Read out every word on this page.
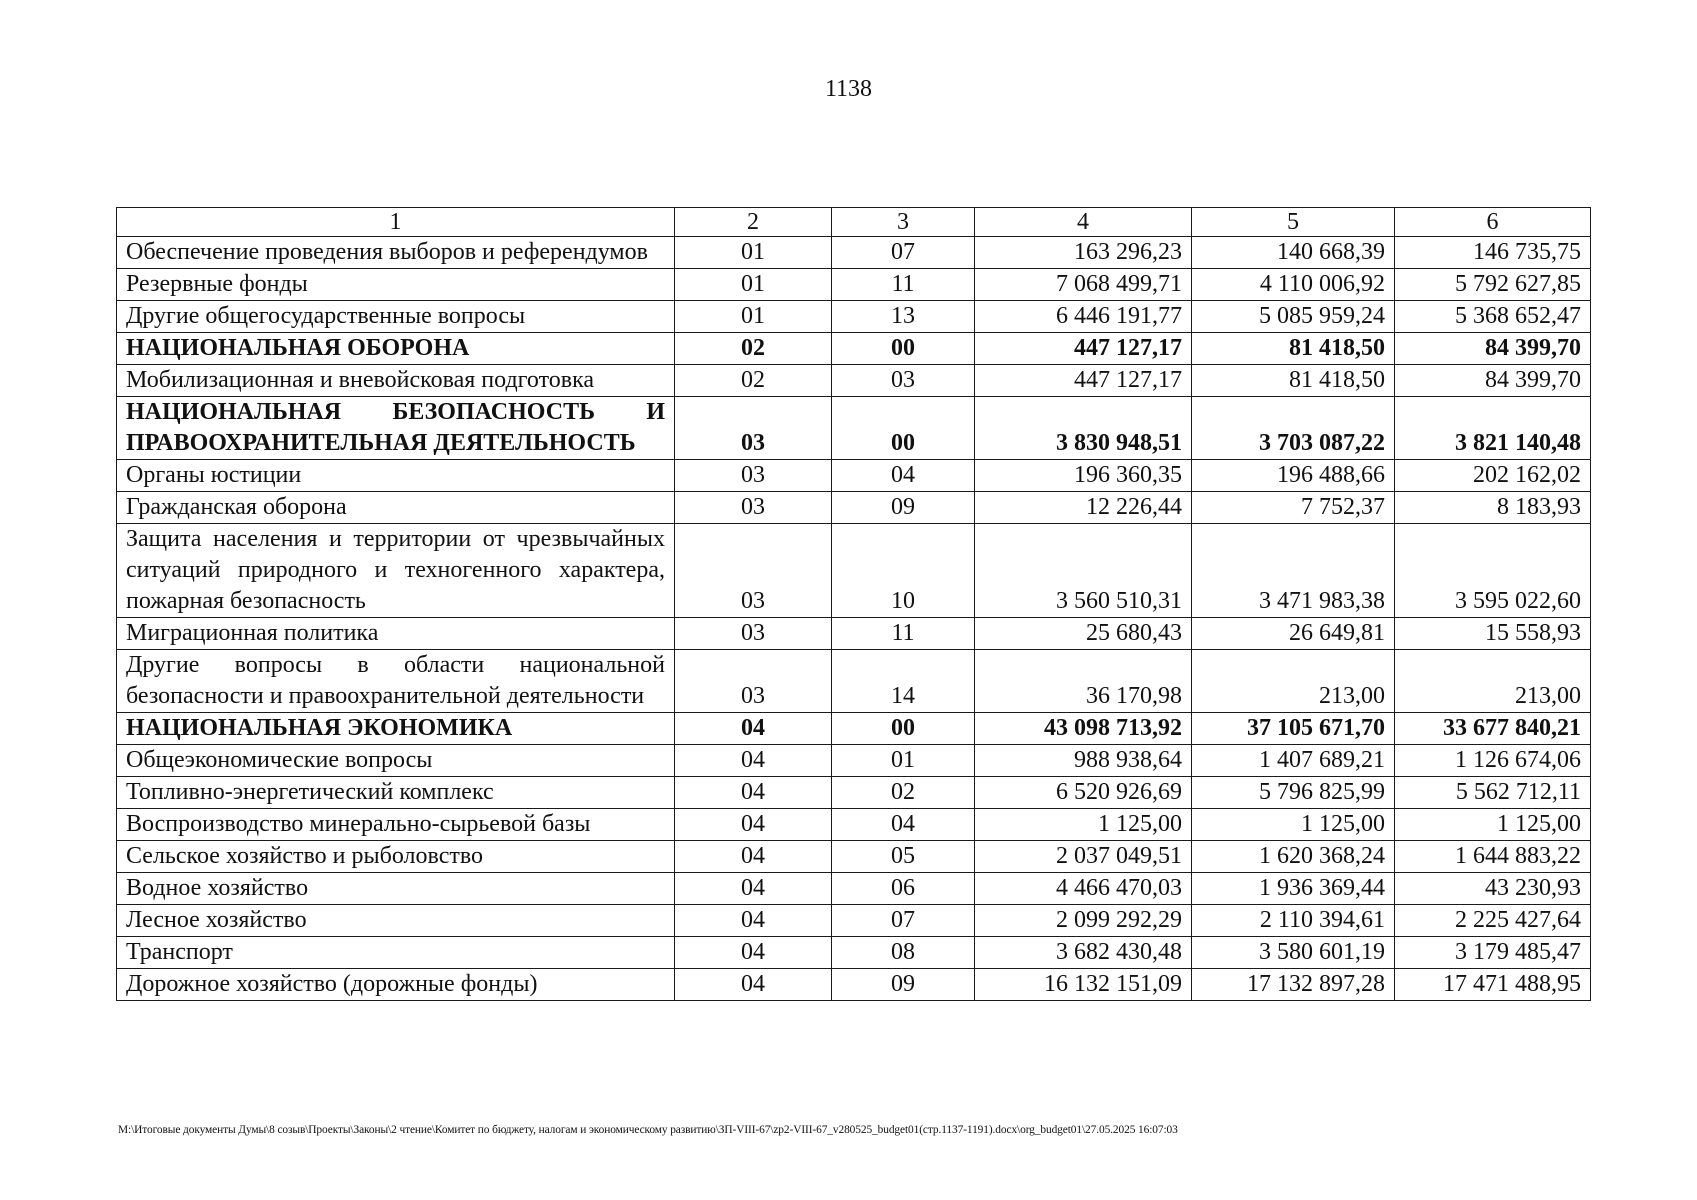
1138
1	2	3	4	5	6
Обеспечение проведения выборов и референдумов	01	07	163 296,23	140 668,39	146 735,75
Резервные фонды	01	11	7 068 499,71	4 110 006,92	5 792 627,85
Другие общегосударственные вопросы	01	13	6 446 191,77	5 085 959,24	5 368 652,47
НАЦИОНАЛЬНАЯ ОБОРОНА	02	00	447 127,17	81 418,50	84 399,70
Мобилизационная и вневойсковая подготовка	02	03	447 127,17	81 418,50	84 399,70
НАЦИОНАЛЬНАЯ БЕЗОПАСНОСТЬ И ПРАВООХРАНИТЕЛЬНАЯ ДЕЯТЕЛЬНОСТЬ	03	00	3 830 948,51	3 703 087,22	3 821 140,48
Органы юстиции	03	04	196 360,35	196 488,66	202 162,02
Гражданская оборона	03	09	12 226,44	7 752,37	8 183,93
Защита населения и территории от чрезвычайных ситуаций природного и техногенного характера, пожарная безопасность	03	10	3 560 510,31	3 471 983,38	3 595 022,60
Миграционная политика	03	11	25 680,43	26 649,81	15 558,93
Другие вопросы в области национальной безопасности и правоохранительной деятельности	03	14	36 170,98	213,00	213,00
НАЦИОНАЛЬНАЯ ЭКОНОМИКА	04	00	43 098 713,92	37 105 671,70	33 677 840,21
Общеэкономические вопросы	04	01	988 938,64	1 407 689,21	1 126 674,06
Топливно-энергетический комплекс	04	02	6 520 926,69	5 796 825,99	5 562 712,11
Воспроизводство минерально-сырьевой базы	04	04	1 125,00	1 125,00	1 125,00
Сельское хозяйство и рыболовство	04	05	2 037 049,51	1 620 368,24	1 644 883,22
Водное хозяйство	04	06	4 466 470,03	1 936 369,44	43 230,93
Лесное хозяйство	04	07	2 099 292,29	2 110 394,61	2 225 427,64
Транспорт	04	08	3 682 430,48	3 580 601,19	3 179 485,47
Дорожное хозяйство (дорожные фонды)	04	09	16 132 151,09	17 132 897,28	17 471 488,95
M:\Итоговые документы Думы\8 созыв\Проекты\Законы\2 чтение\Комитет по бюджету, налогам и экономическому развитию\ЗП-VIII-67\zp2-VIII-67_v280525_budget01(стр.1137-1191).docx\org_budget01\27.05.2025 16:07:03
